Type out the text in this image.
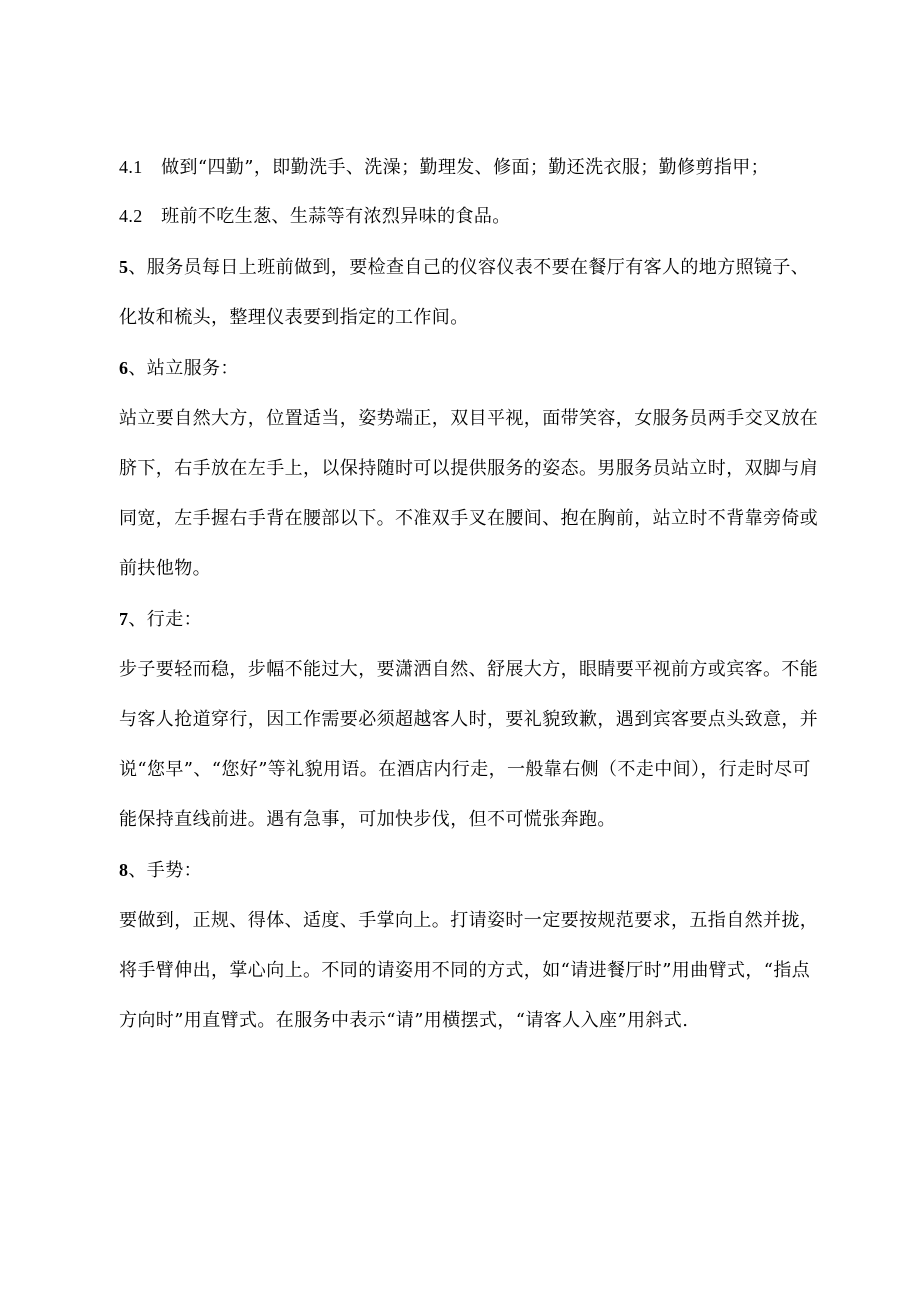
4.1 做到“四勤”，即勤洗手、洗澡；勤理发、修面；勤还洗衣服；勤修剪指甲；

4.2 班前不吃生葱、生蒜等有浓烈异味的食品。

5、服务员每日上班前做到，要检查自己的仪容仪表不要在餐厅有客人的地方照镜子、化妆和梳头，整理仪表要到指定的工作间。

6、站立服务：

站立要自然大方，位置适当，姿势端正，双目平视，面带笑容，女服务员两手交叉放在脐下，右手放在左手上，以保持随时可以提供服务的姿态。男服务员站立时，双脚与肩同宽，左手握右手背在腰部以下。不准双手叉在腰间、抱在胸前，站立时不背靠旁倚或前扶他物。

7、行走：

步子要轻而稳，步幅不能过大，要潇洒自然、舒展大方，眼睛要平视前方或宾客。不能与客人抢道穿行，因工作需要必须超越客人时，要礼貌致歉，遇到宾客要点头致意，并说“您早”、“您好”等礼貌用语。在酒店内行走，一般靠右侧（不走中间），行走时尽可能保持直线前进。遇有急事，可加快步伐，但不可慌张奔跑。

8、手势：

要做到，正规、得体、适度、手掌向上。打请姿时一定要按规范要求，五指自然并拢，将手臂伸出，掌心向上。不同的请姿用不同的方式，如“请进餐厅时”用曲臂式，“指点方向时”用直臂式。在服务中表示“请”用横摆式，“请客人入座”用斜式.
